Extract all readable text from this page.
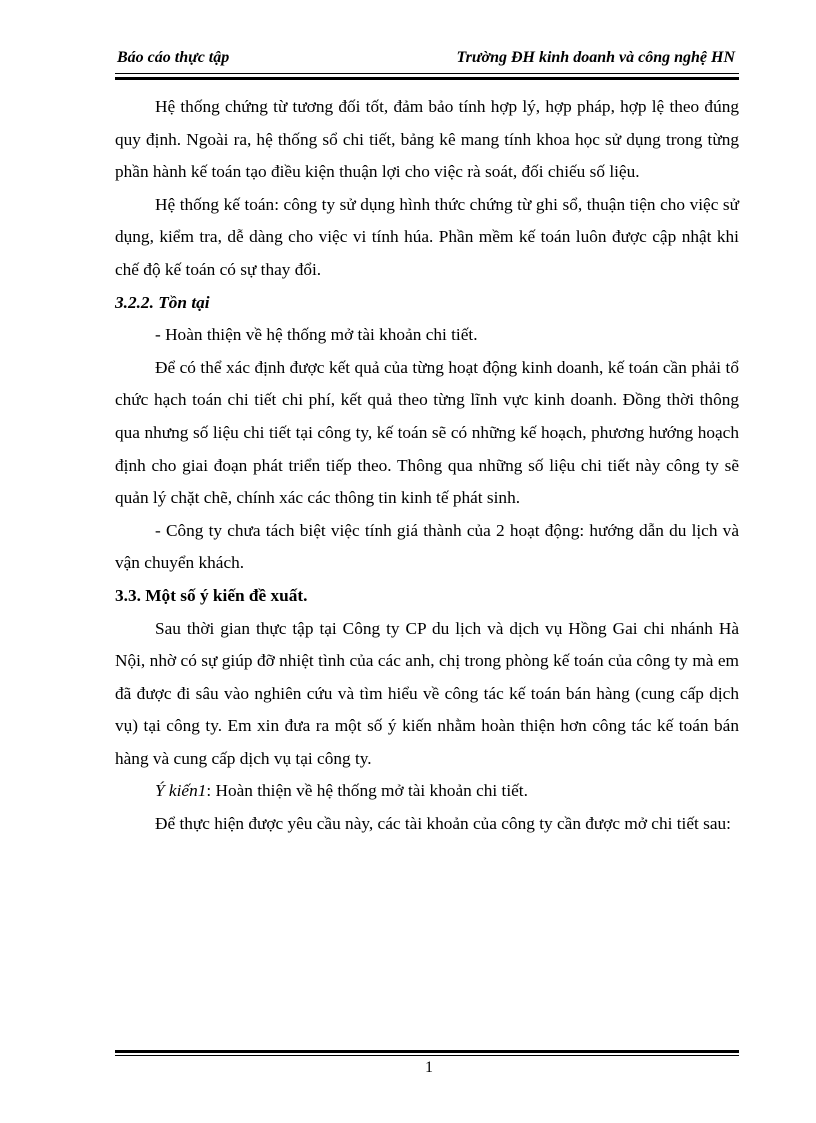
Báo cáo thực tập	Trường ĐH kinh doanh và công nghệ HN

Hệ thống chứng từ tương đối tốt, đảm bảo tính hợp lý, hợp pháp, hợp lệ theo đúng quy định. Ngoài ra, hệ thống sổ chi tiết, bảng kê mang tính khoa học sử dụng trong từng phần hành kế toán tạo điều kiện thuận lợi cho việc rà soát, đối chiếu số liệu.

Hệ thống kế toán: công ty sử dụng hình thức chứng từ ghi sổ, thuận tiện cho việc sử dụng, kiểm tra, dễ dàng cho việc vi tính húa. Phần mềm kế toán luôn được cập nhật khi chế độ kế toán có sự thay đổi.

3.2.2. Tồn tại

- Hoàn thiện về hệ thống mở tài khoản chi tiết.

Để có thể xác định được kết quả của từng hoạt động kinh doanh, kế toán cần phải tổ chức hạch toán chi tiết chi phí, kết quả theo từng lĩnh vực kinh doanh. Đồng thời thông qua nhưng số liệu chi tiết tại công ty, kế toán sẽ có những kế hoạch, phương hướng hoạch định cho giai đoạn phát triển tiếp theo. Thông qua những số liệu chi tiết này công ty sẽ quản lý chặt chẽ, chính xác các thông tin kinh tế phát sinh.

- Công ty chưa tách biệt việc tính giá thành của 2 hoạt động: hướng dẫn du lịch và vận chuyển khách.

3.3. Một số ý kiến đề xuất.

Sau thời gian thực tập tại Công ty CP du lịch và dịch vụ Hồng Gai chi nhánh Hà Nội, nhờ có sự giúp đỡ nhiệt tình của các anh, chị trong phòng kế toán của công ty mà em đã được đi sâu vào nghiên cứu và tìm hiểu về công tác kế toán bán hàng (cung cấp dịch vụ) tại công ty. Em xin đưa ra một số ý kiến nhằm hoàn thiện hơn công tác kế toán bán hàng và cung cấp dịch vụ tại công ty.

Ý kiến1: Hoàn thiện về hệ thống mở tài khoản chi tiết.

Để thực hiện được yêu cầu này, các tài khoản của công ty cần được mở chi tiết sau:

1
